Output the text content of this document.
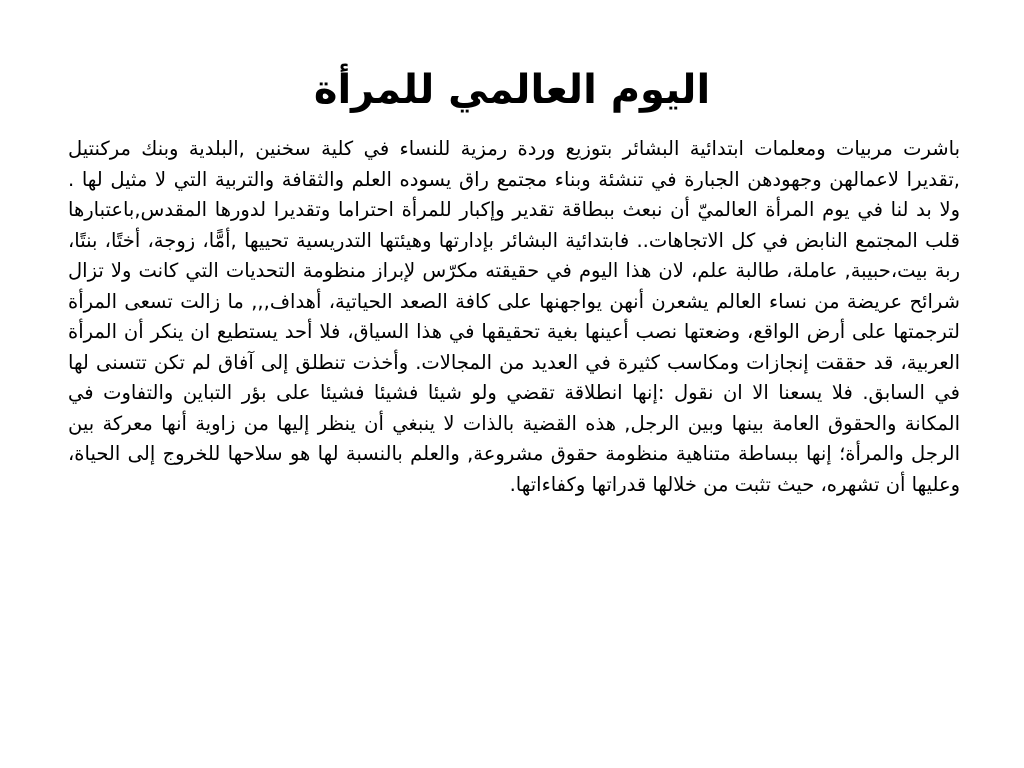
اليوم العالمي للمرأة

باشرت مربيات ومعلمات ابتدائية البشائر بتوزيع وردة رمزية للنساء في كلية سخنين ,البلدية وبنك مركنتيل ,تقديرا لاعمالهن وجهودهن الجبارة في تنشئة وبناء مجتمع راق يسوده العلم والثقافة والتربية التي لا مثيل لها . ولا بد لنا في يوم المرأة العالميّ أن نبعث ببطاقة تقدير وإكبار للمرأة احتراما وتقديرا لدورها المقدس,باعتبارها قلب المجتمع النابض في كل الاتجاهات.. فابتدائية البشائر بإدارتها وهيئتها التدريسية تحييها ,أمًّا، زوجة، أختًا، بنتًا، ربة بيت،حبيبة, عاملة، طالبة علم، لان هذا اليوم في حقيقته مكرّس لإبراز منظومة التحديات التي كانت ولا تزال شرائح عريضة من نساء العالم يشعرن أنهن يواجهنها على كافة الصعد الحياتية، أهداف,,, ما زالت تسعى المرأة لترجمتها على أرض الواقع، وضعتها نصب أعينها بغية تحقيقها في هذا السياق، فلا أحد يستطيع ان ينكر أن المرأة العربية، قد حققت إنجازات ومكاسب كثيرة في العديد من المجالات. وأخذت تنطلق إلى آفاق لم تكن تتسنى لها في السابق. فلا يسعنا الا ان نقول :إنها انطلاقة تقضي ولو شيئا فشيئا فشيئا على بؤر التباين والتفاوت في المكانة والحقوق العامة بينها وبين الرجل, هذه القضية بالذات لا ينبغي أن ينظر إليها من زاوية أنها معركة بين الرجل والمرأة؛ إنها ببساطة متناهية منظومة حقوق مشروعة, والعلم بالنسبة لها هو سلاحها للخروج إلى الحياة، وعليها أن تشهره، حيث تثبت من خلالها قدراتها وكفاءاتها.
